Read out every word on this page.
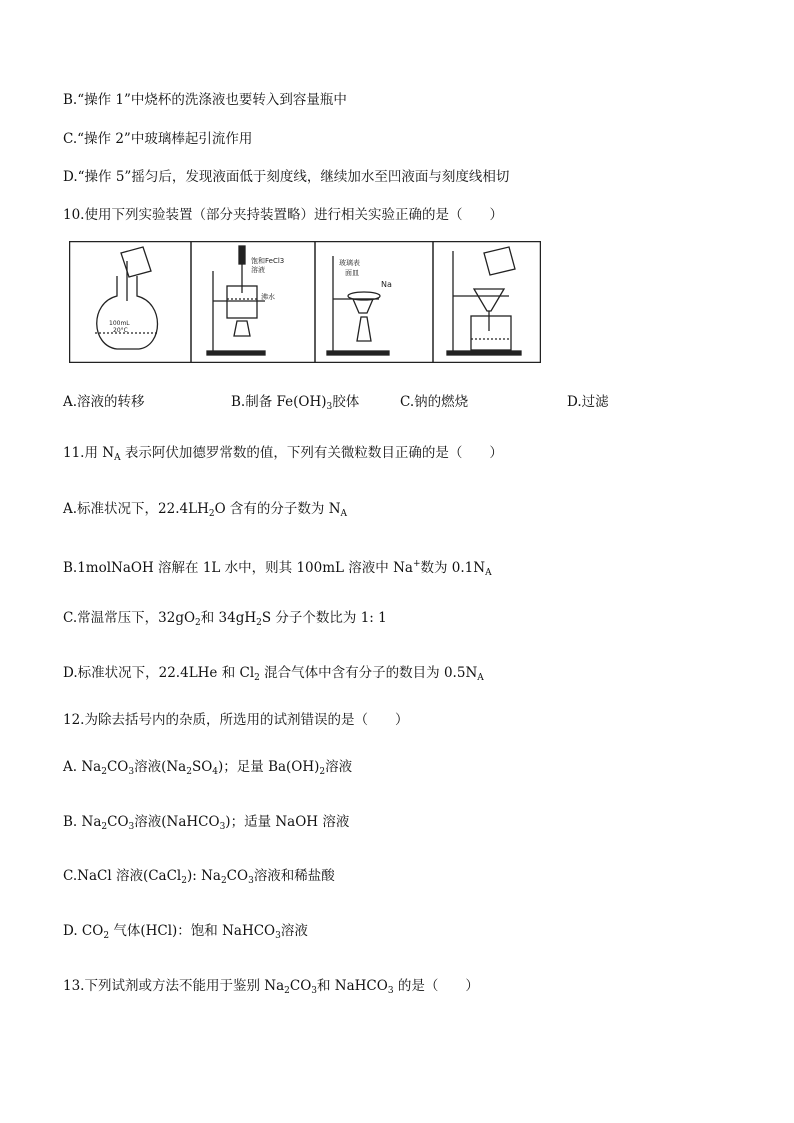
B.“操作 1”中烧杯的洗涤液也要转入到容量瓶中
C.“操作 2”中玻璃棒起引流作用
D.“操作 5”摇匀后，发现液面低于刻度线，继续加水至凹液面与刻度线相切
10.使用下列实验装置（部分夹持装置略）进行相关实验正确的是（　　）
100mL
20°C
饱和FeCl3
溶液
沸水
玻璃表
面皿
Na
A.溶液的转移	B.制备 $Fe(OH)_3$胶体	C.钠的燃烧	D.过滤
11.用 $N_A$ 表示阿伏加德罗常数的值，下列有关微粒数目正确的是（　　）
A.标准状况下，$22.4LH_2O$ 含有的分子数为 $N_A$
B.1molNaOH 溶解在 1L 水中，则其 100mL 溶液中 Na+数为 $0.1N_A$
C.常温常压下，$32gO_2$和 $34gH_2S$ 分子个数比为 1: 1
D.标准状况下，22.4LHe 和 $Cl_2$ 混合气体中含有分子的数目为 $0.5N_A$
12.为除去括号内的杂质，所选用的试剂错误的是（　　）
A. $Na_2CO_3$溶液$(Na_2SO_4)$；足量 $Ba(OH)_2$溶液
B. $Na_2CO_3$溶液(NaHCO$_3$)；适量 NaOH 溶液
C.NaCl 溶液(CaCl$_2$): $Na_2CO_3$溶液和稀盐酸
D. $CO_2$ 气体(HCl)：饱和 NaHCO$_3$溶液
13.下列试剂或方法不能用于鉴别 $Na_2CO_3$和 NaHCO$_3$ 的是（　　）
